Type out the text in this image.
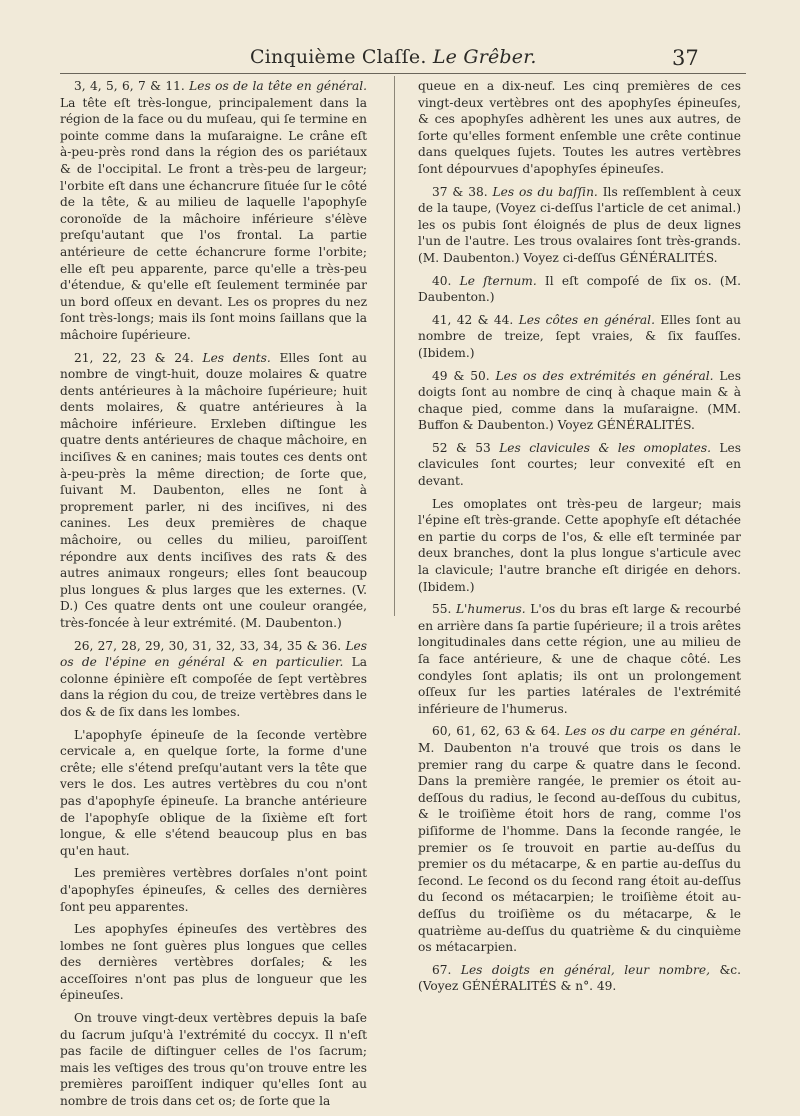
Cinquième Claſſe. Le Grêber.	37

3, 4, 5, 6, 7 & 11. Les os de la tête en général. La tête eſt très-longue, principalement dans la région de la face ou du muſeau, qui ſe termine en pointe comme dans la muſaraigne. Le crâne eſt à-peu-près rond dans la région des os pariétaux & de l'occipital. Le front a très-peu de largeur; l'orbite eſt dans une échancrure ſituée ſur le côté de la tête, & au milieu de laquelle l'apophyſe coronoïde de la mâchoire inférieure s'élève preſqu'autant que l'os frontal. La partie antérieure de cette échancrure forme l'orbite; elle eſt peu apparente, parce qu'elle a très-peu d'étendue, & qu'elle eſt ſeulement terminée par un bord oſſeux en devant. Les os propres du nez ſont très-longs; mais ils ſont moins ſaillans que la mâchoire ſupérieure.

21, 22, 23 & 24. Les dents. Elles ſont au nombre de vingt-huit, douze molaires & quatre dents antérieures à la mâchoire ſupérieure; huit dents molaires, & quatre antérieures à la mâchoire inférieure. Erxleben diſtingue les quatre dents antérieures de chaque mâchoire, en inciſives & en canines; mais toutes ces dents ont à-peu-près la même direction; de ſorte que, ſuivant M. Daubenton, elles ne ſont à proprement parler, ni des inciſives, ni des canines. Les deux premières de chaque mâchoire, ou celles du milieu, paroiſſent répondre aux dents inciſives des rats & des autres animaux rongeurs; elles ſont beaucoup plus longues & plus larges que les externes. (V. D.) Ces quatre dents ont une couleur orangée, très-foncée à leur extrémité. (M. Daubenton.)

26, 27, 28, 29, 30, 31, 32, 33, 34, 35 & 36. Les os de l'épine en général & en particulier. La colonne épinière eſt compoſée de ſept vertèbres dans la région du cou, de treize vertèbres dans le dos & de ſix dans les lombes.

L'apophyſe épineuſe de la ſeconde vertèbre cervicale a, en quelque ſorte, la forme d'une crête; elle s'étend preſqu'autant vers la tête que vers le dos. Les autres vertèbres du cou n'ont pas d'apophyſe épineuſe. La branche antérieure de l'apophyſe oblique de la ſixième eſt fort longue, & elle s'étend beaucoup plus en bas qu'en haut.

Les premières vertèbres dorſales n'ont point d'apophyſes épineuſes, & celles des dernières ſont peu apparentes.

Les apophyſes épineuſes des vertèbres des lombes ne ſont guères plus longues que celles des dernières vertèbres dorſales; & les acceſſoires n'ont pas plus de longueur que les épineuſes.

On trouve vingt-deux vertèbres depuis la baſe du ſacrum juſqu'à l'extrémité du coccyx. Il n'eſt pas facile de diſtinguer celles de l'os ſacrum; mais les veſtiges des trous qu'on trouve entre les premières paroiſſent indiquer qu'elles ſont au nombre de trois dans cet os; de ſorte que la

queue en a dix-neuf. Les cinq premières de ces vingt-deux vertèbres ont des apophyſes épineuſes, & ces apophyſes adhèrent les unes aux autres, de ſorte qu'elles forment enſemble une crête continue dans quelques ſujets. Toutes les autres vertèbres ſont dépourvues d'apophyſes épineuſes.

37 & 38. Les os du baſſin. Ils reſſemblent à ceux de la taupe, (Voyez ci-deſſus l'article de cet animal.) les os pubis ſont éloignés de plus de deux lignes l'un de l'autre. Les trous ovalaires ſont très-grands. (M. Daubenton.) Voyez ci-deſſus GÉNÉRALITÉS.

40. Le ſternum. Il eſt compoſé de ſix os. (M. Daubenton.)

41, 42 & 44. Les côtes en général. Elles ſont au nombre de treize, ſept vraies, & ſix fauſſes. (Ibidem.)

49 & 50. Les os des extrémités en général. Les doigts ſont au nombre de cinq à chaque main & à chaque pied, comme dans la muſaraigne. (MM. Buffon & Daubenton.) Voyez GÉNÉRALITÉS.

52 & 53 Les clavicules & les omoplates. Les clavicules ſont courtes; leur convexité eſt en devant.

Les omoplates ont très-peu de largeur; mais l'épine eſt très-grande. Cette apophyſe eſt détachée en partie du corps de l'os, & elle eſt terminée par deux branches, dont la plus longue s'articule avec la clavicule; l'autre branche eſt dirigée en dehors. (Ibidem.)

55. L'humerus. L'os du bras eſt large & recourbé en arrière dans ſa partie ſupérieure; il a trois arêtes longitudinales dans cette région, une au milieu de ſa face antérieure, & une de chaque côté. Les condyles ſont aplatis; ils ont un prolongement oſſeux ſur les parties latérales de l'extrémité inférieure de l'humerus.

60, 61, 62, 63 & 64. Les os du carpe en général. M. Daubenton n'a trouvé que trois os dans le premier rang du carpe & quatre dans le ſecond. Dans la première rangée, le premier os étoit au-deſſous du radius, le ſecond au-deſſous du cubitus, & le troiſième étoit hors de rang, comme l'os piſiforme de l'homme. Dans la ſeconde rangée, le premier os ſe trouvoit en partie au-deſſus du premier os du métacarpe, & en partie au-deſſus du ſecond. Le ſecond os du ſecond rang étoit au-deſſus du ſecond os métacarpien; le troiſième étoit au-deſſus du troiſième os du métacarpe, & le quatrième au-deſſus du quatrième & du cinquième os métacarpien.

67. Les doigts en général, leur nombre, &c. (Voyez GÉNÉRALITÉS & n°. 49.
